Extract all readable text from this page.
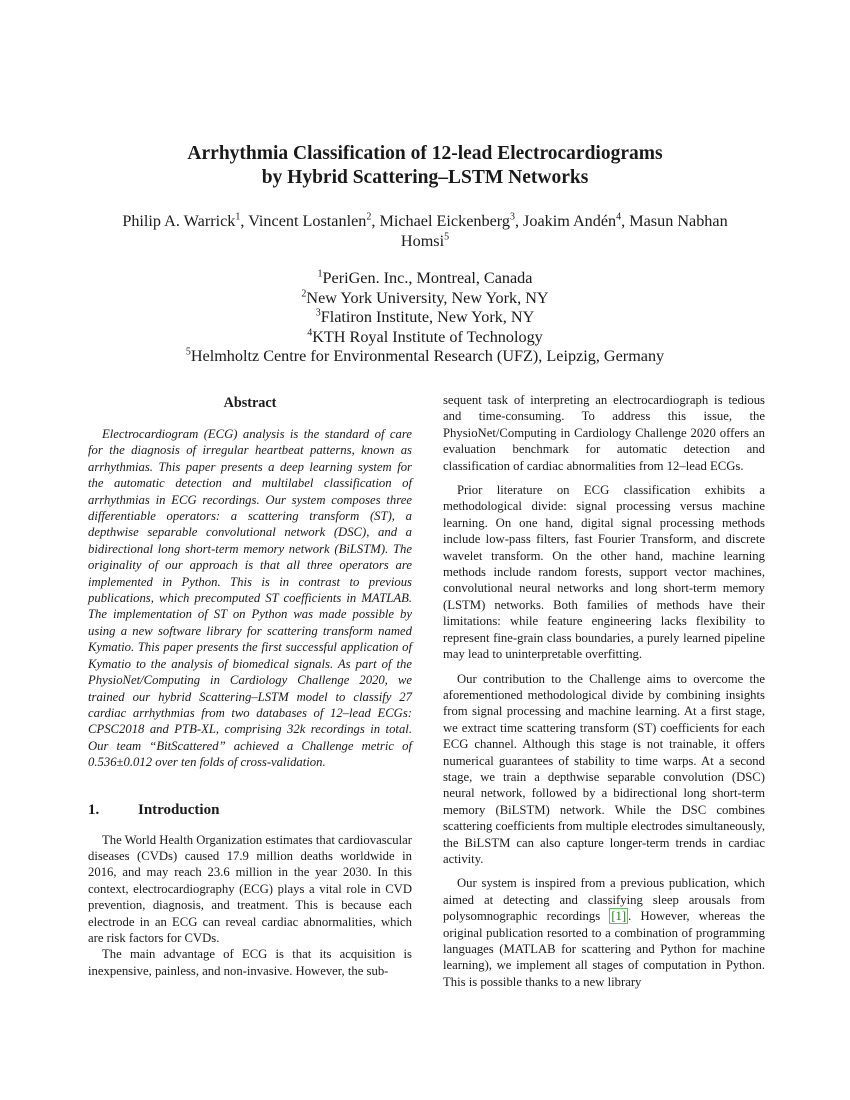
Arrhythmia Classification of 12-lead Electrocardiograms
by Hybrid Scattering–LSTM Networks
Philip A. Warrick$^1$, Vincent Lostanlen$^2$, Michael Eickenberg$^3$, Joakim Andén$^4$, Masun Nabhan Homsi$^5$
$^1$PeriGen. Inc., Montreal, Canada
$^2$New York University, New York, NY
$^3$Flatiron Institute, New York, NY
$^4$KTH Royal Institute of Technology
$^5$Helmholtz Centre for Environmental Research (UFZ), Leipzig, Germany
Abstract

Electrocardiogram (ECG) analysis is the standard of care for the diagnosis of irregular heartbeat patterns, known as arrhythmias. This paper presents a deep learning system for the automatic detection and multilabel classification of arrhythmias in ECG recordings. Our system composes three differentiable operators: a scattering transform (ST), a depthwise separable convolutional network (DSC), and a bidirectional long short-term memory network (BiLSTM). The originality of our approach is that all three operators are implemented in Python. This is in contrast to previous publications, which precomputed ST coefficients in MATLAB. The implementation of ST on Python was made possible by using a new software library for scattering transform named Kymatio. This paper presents the first successful application of Kymatio to the analysis of biomedical signals. As part of the PhysioNet/Computing in Cardiology Challenge 2020, we trained our hybrid Scattering–LSTM model to classify 27 cardiac arrhythmias from two databases of 12–lead ECGs: CPSC2018 and PTB-XL, comprising 32k recordings in total. Our team “BitScattered” achieved a Challenge metric of 0.536±0.012 over ten folds of cross-validation.

1.	Introduction

The World Health Organization estimates that cardiovascular diseases (CVDs) caused 17.9 million deaths worldwide in 2016, and may reach 23.6 million in the year 2030. In this context, electrocardiography (ECG) plays a vital role in CVD prevention, diagnosis, and treatment. This is because each electrode in an ECG can reveal cardiac abnormalities, which are risk factors for CVDs.

The main advantage of ECG is that its acquisition is inexpensive, painless, and non-invasive. However, the sub-

sequent task of interpreting an electrocardiograph is tedious and time-consuming. To address this issue, the PhysioNet/Computing in Cardiology Challenge 2020 offers an evaluation benchmark for automatic detection and classification of cardiac abnormalities from 12–lead ECGs.

Prior literature on ECG classification exhibits a methodological divide: signal processing versus machine learning. On one hand, digital signal processing methods include low-pass filters, fast Fourier Transform, and discrete wavelet transform. On the other hand, machine learning methods include random forests, support vector machines, convolutional neural networks and long short-term memory (LSTM) networks. Both families of methods have their limitations: while feature engineering lacks flexibility to represent fine-grain class boundaries, a purely learned pipeline may lead to uninterpretable overfitting.

Our contribution to the Challenge aims to overcome the aforementioned methodological divide by combining insights from signal processing and machine learning. At a first stage, we extract time scattering transform (ST) coefficients for each ECG channel. Although this stage is not trainable, it offers numerical guarantees of stability to time warps. At a second stage, we train a depthwise separable convolution (DSC) neural network, followed by a bidirectional long short-term memory (BiLSTM) network. While the DSC combines scattering coefficients from multiple electrodes simultaneously, the BiLSTM can also capture longer-term trends in cardiac activity.

Our system is inspired from a previous publication, which aimed at detecting and classifying sleep arousals from polysomnographic recordings [1] . However, whereas the original publication resorted to a combination of programming languages (MATLAB for scattering and Python for machine learning), we implement all stages of computation in Python. This is possible thanks to a new library
